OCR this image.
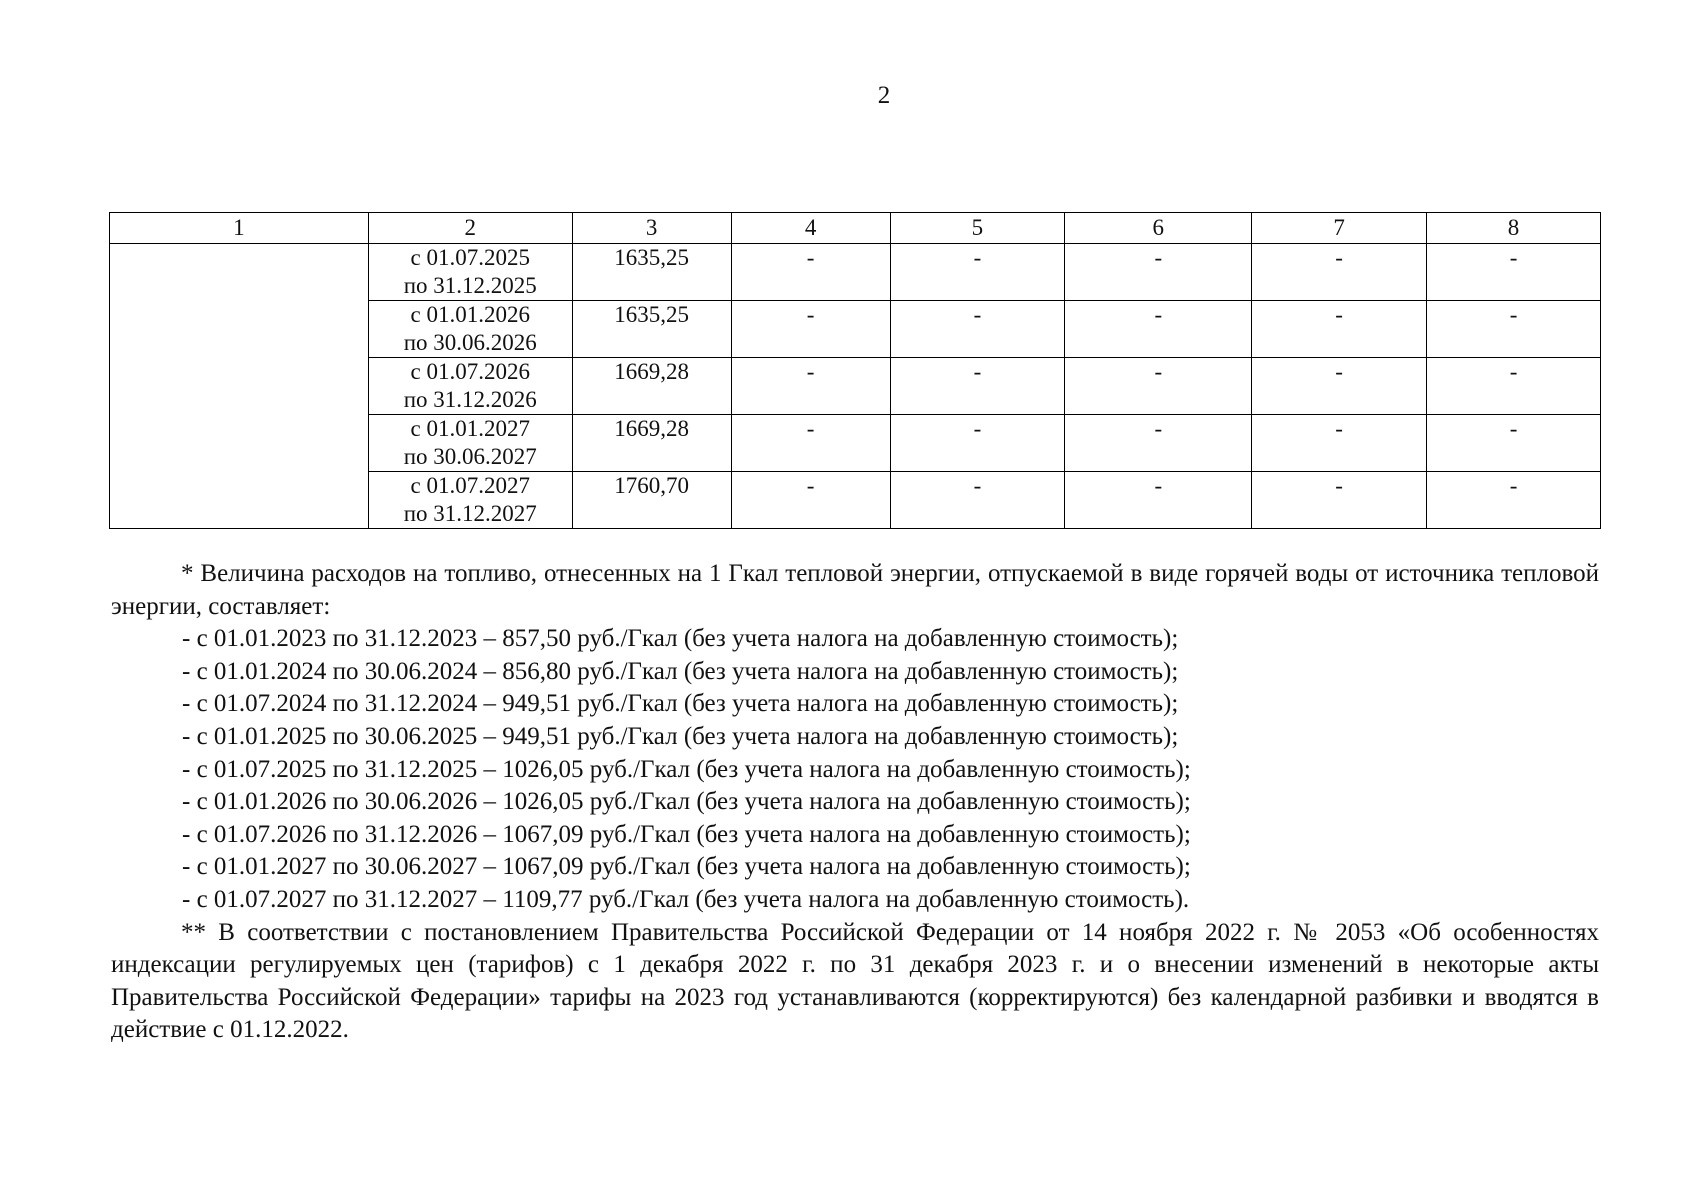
2
1	2	3	4	5	6	7	8

	с 01.07.2025
по 31.12.2025	1635,25	-	-	-	-	-

	с 01.01.2026
по 30.06.2026	1635,25	-	-	-	-	-

	с 01.07.2026
по 31.12.2026	1669,28	-	-	-	-	-

	с 01.01.2027
по 30.06.2027	1669,28	-	-	-	-	-

	с 01.07.2027
по 31.12.2027	1760,70	-	-	-	-	-

* Величина расходов на топливо, отнесенных на 1 Гкал тепловой энергии, отпускаемой в виде горячей воды от источника тепловой энергии, составляет:

- с 01.01.2023 по 31.12.2023 – 857,50 руб./Гкал (без учета налога на добавленную стоимость);

- с 01.01.2024 по 30.06.2024 – 856,80 руб./Гкал (без учета налога на добавленную стоимость);

- с 01.07.2024 по 31.12.2024 – 949,51 руб./Гкал (без учета налога на добавленную стоимость);

- с 01.01.2025 по 30.06.2025 – 949,51 руб./Гкал (без учета налога на добавленную стоимость);

- с 01.07.2025 по 31.12.2025 – 1026,05 руб./Гкал (без учета налога на добавленную стоимость);

- с 01.01.2026 по 30.06.2026 – 1026,05 руб./Гкал (без учета налога на добавленную стоимость);

- с 01.07.2026 по 31.12.2026 – 1067,09 руб./Гкал (без учета налога на добавленную стоимость);

- с 01.01.2027 по 30.06.2027 – 1067,09 руб./Гкал (без учета налога на добавленную стоимость);

- с 01.07.2027 по 31.12.2027 – 1109,77 руб./Гкал (без учета налога на добавленную стоимость).

** В соответствии с постановлением Правительства Российской Федерации от 14 ноября 2022 г. № 2053 «Об особенностях индексации регулируемых цен (тарифов) с 1 декабря 2022 г. по 31 декабря 2023 г. и о внесении изменений в некоторые акты Правительства Российской Федерации» тарифы на 2023 год устанавливаются (корректируются) без календарной разбивки и вводятся в действие с 01.12.2022.
